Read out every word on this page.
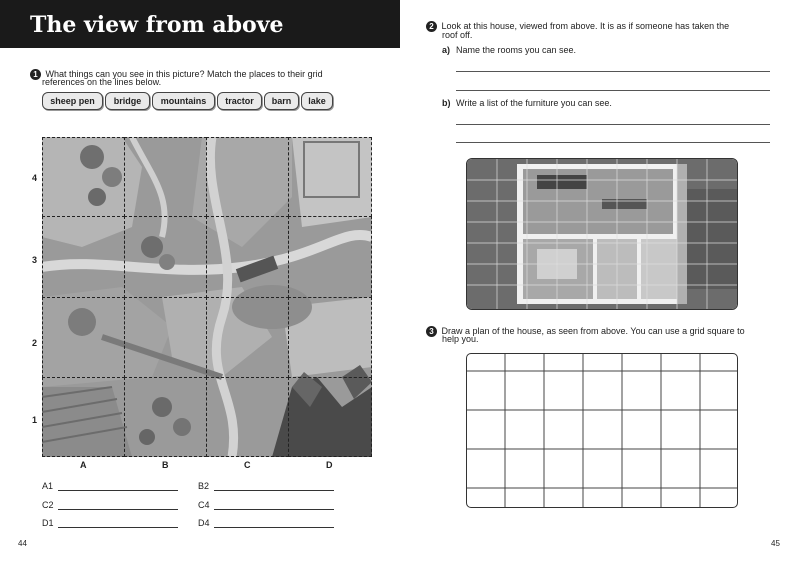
The view from above
1 What things can you see in this picture? Match the places to their grid
references on the lines below.
sheep pen	bridge	mountains	tractor	barn	lake
4
3
2
1
A	B	C	D
A1	B2
C2	C4
D1	D4
44
2 Look at this house, viewed from above. It is as if someone has taken the
roof off.
a) Name the rooms you can see.
b) Write a list of the furniture you can see.
3 Draw a plan of the house, as seen from above. You can use a grid square to
help you.
45
